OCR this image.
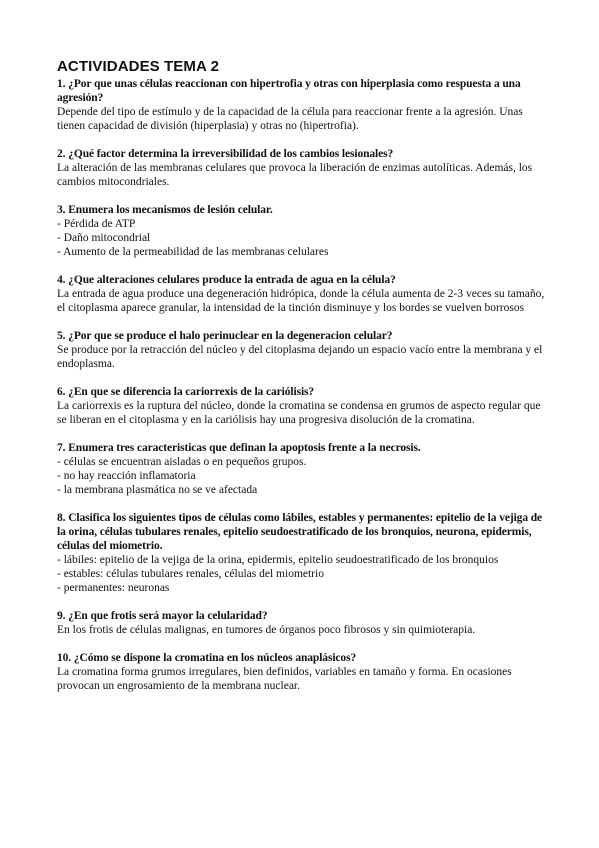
ACTIVIDADES TEMA 2
1. ¿Por que unas células reaccionan con hipertrofia y otras con hiperplasia como respuesta a una agresión?
Depende del tipo de estímulo y de la capacidad de la célula para reaccionar frente a la agresión. Unas tienen capacidad de división (hiperplasia) y otras no (hipertrofia).
2. ¿Qué factor determina la irreversibilidad de los cambios lesionales?
La alteración de las membranas celulares que provoca la liberación de enzimas autolíticas. Además, los cambios mitocondriales.
3. Enumera los mecanismos de lesión celular.
- Pérdida de ATP
- Daño mitocondrial
- Aumento de la permeabilidad de las membranas celulares
4. ¿Que alteraciones celulares produce la entrada de agua en la célula?
La entrada de agua produce una degeneración hidrópica, donde la célula aumenta de 2-3 veces su tamaño, el citoplasma aparece granular, la intensidad de la tinción disminuye y los bordes se vuelven borrosos
5. ¿Por que se produce el halo perinuclear en la degeneracion celular?
Se produce por la retracción del núcleo y del citoplasma dejando un espacio vacío entre la membrana y el endoplasma.
6. ¿En que se diferencia la cariorrexis de la cariólisis?
La cariorrexis es la ruptura del núcleo, donde la cromatina se condensa en grumos de aspecto regular que se liberan en el citoplasma y en la cariólisis hay una progresiva disolución de la cromatina.
7. Enumera tres caracteristicas que definan la apoptosis frente a la necrosis.
- células se encuentran aisladas o en pequeños grupos.
- no hay reacción inflamatoria
- la membrana plasmática no se ve afectada
8. Clasifica los siguientes tipos de células como lábiles, estables y permanentes: epitelio de la vejiga de la orina, células tubulares renales, epitelio seudoestratificado de los bronquios, neurona, epidermis, células del miometrio.
- lábiles: epitelio de la vejiga de la orina, epidermis, epitelio seudoestratificado de los bronquios
- estables: células tubulares renales, células del miometrio
- permanentes: neuronas
9. ¿En que frotis será mayor la celularidad?
En los frotis de células malignas, en tumores de órganos poco fibrosos y sin quimioterapia.
10. ¿Cómo se dispone la cromatina en los núcleos anaplásicos?
La cromatina forma grumos irregulares, bien definidos, variables en tamaño y forma. En ocasiones provocan un engrosamiento de la membrana nuclear.
